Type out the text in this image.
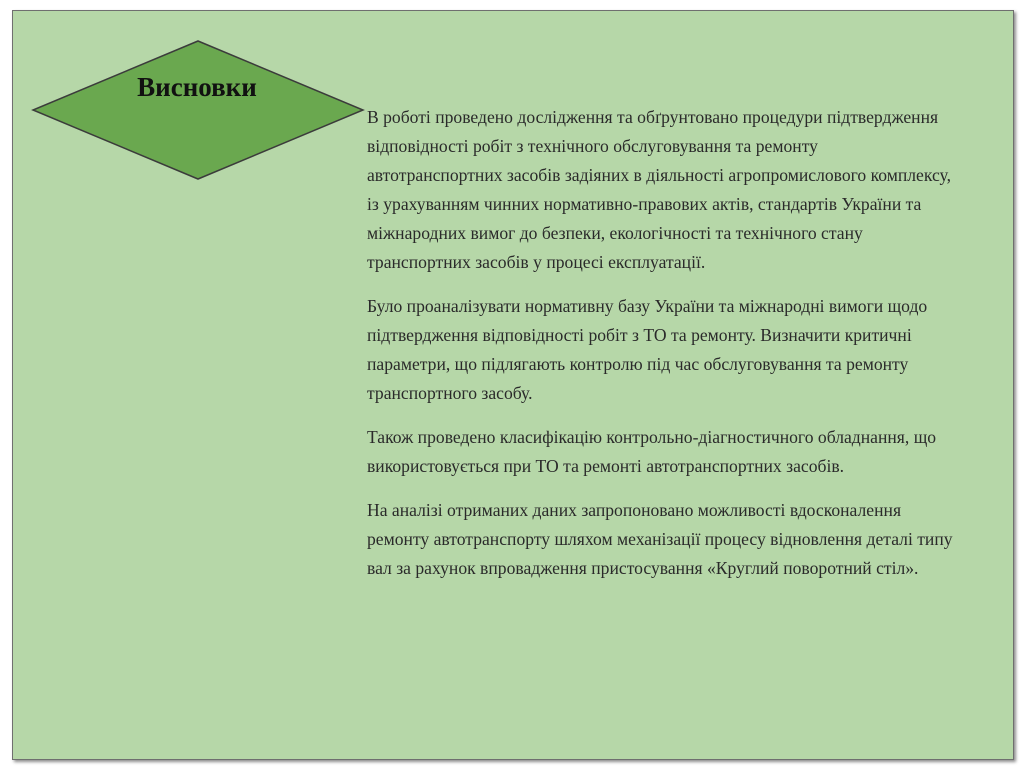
Висновки

В роботі проведено дослідження та обґрунтовано процедури підтвердження відповідності робіт з технічного обслуговування та ремонту автотранспортних засобів задіяних в діяльності агропромислового комплексу, із урахуванням чинних нормативно-правових актів, стандартів України та міжнародних вимог до безпеки, екологічності та технічного стану транспортних засобів у процесі експлуатації.

Було проаналізувати нормативну базу України та міжнародні вимоги щодо підтвердження відповідності робіт з ТО та ремонту. Визначити критичні параметри, що підлягають контролю під час обслуговування та ремонту транспортного засобу.

Також проведено класифікацію контрольно-діагностичного обладнання, що використовується при ТО та ремонті автотранспортних засобів.

На аналізі отриманих даних запропоновано можливості вдосконалення ремонту автотранспорту шляхом механізації процесу відновлення деталі типу вал за рахунок впровадження пристосування «Круглий поворотний стіл».
